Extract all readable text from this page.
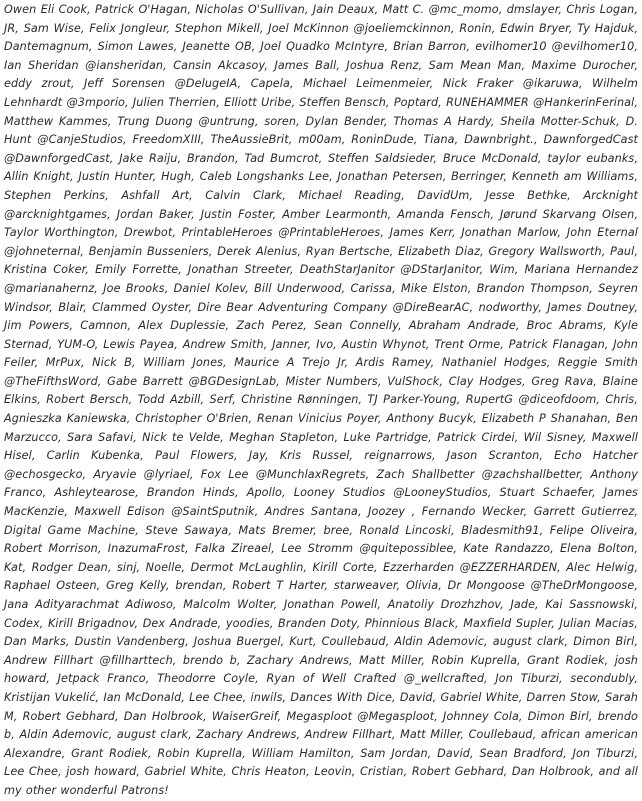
Owen Eli Cook, Patrick O'Hagan, Nicholas O'Sullivan, Jain Deaux, Matt C. @mc_momo, dmslayer, Chris Logan, JR, Sam Wise, Felix Jongleur, Stephon Mikell, Joel McKinnon @joeliemckinnon, Ronin, Edwin Bryer, Ty Hajduk, Dantemagnum, Simon Lawes, Jeanette OB, Joel Quadko McIntyre, Brian Barron, evilhomer10 @evilhomer10, Ian Sheridan @iansheridan, Cansin Akcasoy, James Ball, Joshua Renz, Sam Mean Man, Maxime Durocher, eddy zrout, Jeff Sorensen @DelugeIA, Capela, Michael Leimenmeier, Nick Fraker @ikaruwa, Wilhelm Lehnhardt @3mporio, Julien Therrien, Elliott Uribe, Steffen Bensch, Poptard, RUNEHAMMER @HankerinFerinal, Matthew Kammes, Trung Duong @untrung, soren, Dylan Bender, Thomas A Hardy, Sheila Motter-Schuk, D. Hunt @CanjeStudios, FreedomXIII, TheAussieBrit, m00am, RoninDude, Tiana, Dawnbright., DawnforgedCast @DawnforgedCast, Jake Raiju, Brandon, Tad Bumcrot, Steffen Saldsieder, Bruce McDonald, taylor eubanks, Allin Knight, Justin Hunter, Hugh, Caleb Longshanks Lee, Jonathan Petersen, Berringer, Kenneth am Williams, Stephen Perkins, Ashfall Art, Calvin Clark, Michael Reading, DavidUm, Jesse Bethke, Arcknight @arcknightgames, Jordan Baker, Justin Foster, Amber Learmonth, Amanda Fensch, Jørund Skarvang Olsen, Taylor Worthington, Drewbot, PrintableHeroes @PrintableHeroes, James Kerr, Jonathan Marlow, John Eternal @johneternal, Benjamin Busseniers, Derek Alenius, Ryan Bertsche, Elizabeth Diaz, Gregory Wallsworth, Paul, Kristina Coker, Emily Forrette, Jonathan Streeter, DeathStarJanitor @DStarJanitor, Wim, Mariana Hernandez @marianahernz, Joe Brooks, Daniel Kolev, Bill Underwood, Carissa, Mike Elston, Brandon Thompson, Seyren Windsor, Blair, Clammed Oyster, Dire Bear Adventuring Company @DireBearAC, nodworthy, James Doutney, Jim Powers, Camnon, Alex Duplessie, Zach Perez, Sean Connelly, Abraham Andrade, Broc Abrams, Kyle Sternad, YUM-O, Lewis Payea, Andrew Smith, Janner, Ivo, Austin Whynot, Trent Orme, Patrick Flanagan, John Feiler, MrPux, Nick B, William Jones, Maurice A Trejo Jr, Ardis Ramey, Nathaniel Hodges, Reggie Smith @TheFifthsWord, Gabe Barrett @BGDesignLab, Mister Numbers, VulShock, Clay Hodges, Greg Rava, Blaine Elkins, Robert Bersch, Todd Azbill, Serf, Christine Rønningen, TJ Parker-Young, RupertG @diceofdoom, Chris, Agnieszka Kaniewska, Christopher O'Brien, Renan Vinicius Poyer, Anthony Bucyk, Elizabeth P Shanahan, Ben Marzucco, Sara Safavi, Nick te Velde, Meghan Stapleton, Luke Partridge, Patrick Cirdei, Wil Sisney, Maxwell Hisel, Carlin Kubenka, Paul Flowers, Jay, Kris Russel, reignarrows, Jason Scranton, Echo Hatcher @echosgecko, Aryavie @lyriael, Fox Lee @MunchlaxRegrets, Zach Shallbetter @zachshallbetter, Anthony Franco, Ashleytearose, Brandon Hinds, Apollo, Looney Studios @LooneyStudios, Stuart Schaefer, James MacKenzie, Maxwell Edison @SaintSputnik, Andres Santana, Joozey , Fernando Wecker, Garrett Gutierrez, Digital Game Machine, Steve Sawaya, Mats Bremer, bree, Ronald Lincoski, Bladesmith91, Felipe Oliveira, Robert Morrison, InazumaFrost, Falka Zireael, Lee Stromm @quitepossiblee, Kate Randazzo, Elena Bolton, Kat, Rodger Dean, sinj, Noelle, Dermot McLaughlin, Kirill Corte, Ezzerharden @EZZERHARDEN, Alec Helwig, Raphael Osteen, Greg Kelly, brendan, Robert T Harter, starweaver, Olivia, Dr Mongoose @TheDrMongoose, Jana Adityarachmat Adiwoso, Malcolm Wolter, Jonathan Powell, Anatoliy Drozhzhov, Jade, Kai Sassnowski, Codex, Kirill Brigadnov, Dex Andrade, yoodies, Branden Doty, Phinnious Black, Maxfield Supler, Julian Macias, Dan Marks, Dustin Vandenberg, Joshua Buergel, Kurt, Coullebaud, Aldin Ademovic, august clark, Dimon Birl, Andrew Fillhart @fillharttech, brendo b, Zachary Andrews, Matt Miller, Robin Kuprella, Grant Rodiek, josh howard, Jetpack Franco, Theodorre Coyle, Ryan of Well Crafted @_wellcrafted, Jon Tiburzi, secondubly, Kristijan Vukelić, Ian McDonald, Lee Chee, inwils, Dances With Dice, David, Gabriel White, Darren Stow, Sarah M, Robert Gebhard, Dan Holbrook, WaiserGreif, Megasploot @Megasploot, Johnney Cola, Dimon Birl, brendo b, Aldin Ademovic, august clark, Zachary Andrews, Andrew Fillhart, Matt Miller, Coullebaud, african american Alexandre, Grant Rodiek, Robin Kuprella, William Hamilton, Sam Jordan, David, Sean Bradford, Jon Tiburzi, Lee Chee, josh howard, Gabriel White, Chris Heaton, Leovin, Cristian, Robert Gebhard, Dan Holbrook, and all my other wonderful Patrons!
